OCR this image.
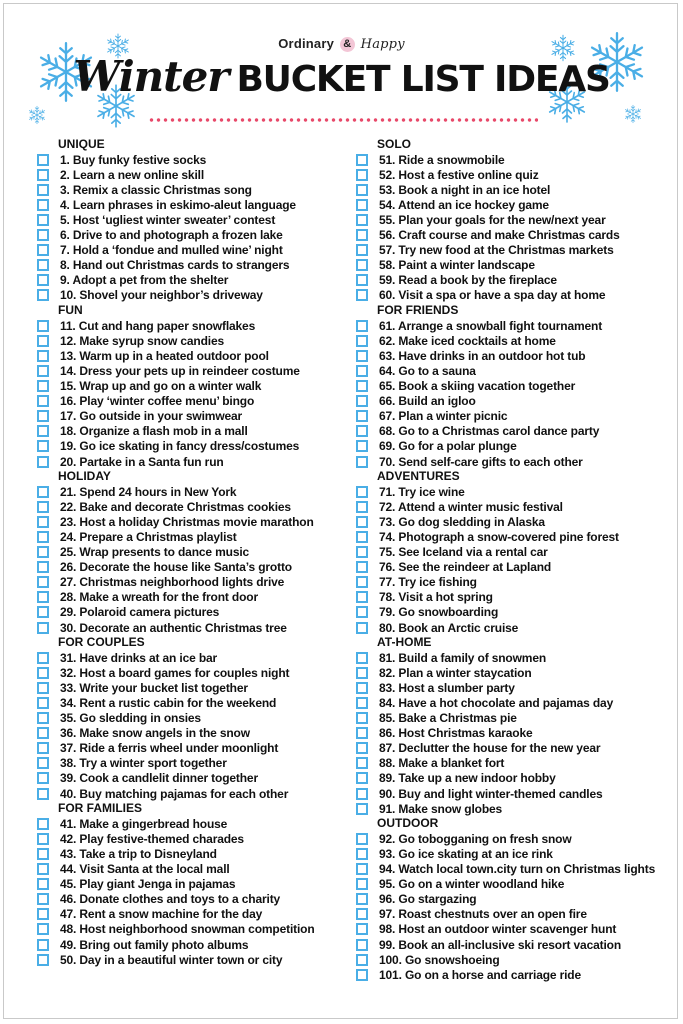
Ordinary & Happy
Winter BUCKET LIST IDEAS
UNIQUE
1. Buy funky festive socks
2. Learn a new online skill
3. Remix a classic Christmas song
4. Learn phrases in eskimo-aleut language
5. Host ‘ugliest winter sweater’ contest
6. Drive to and photograph a frozen lake
7. Hold a ‘fondue and mulled wine’ night
8. Hand out Christmas cards to strangers
9. Adopt a pet from the shelter
10. Shovel your neighbor’s driveway
FUN
11. Cut and hang paper snowflakes
12. Make syrup snow candies
13. Warm up in a heated outdoor pool
14. Dress your pets up in reindeer costume
15. Wrap up and go on a winter walk
16. Play ‘winter coffee menu’ bingo
17. Go outside in your swimwear
18. Organize a flash mob in a mall
19. Go ice skating in fancy dress/costumes
20. Partake in a Santa fun run
HOLIDAY
21. Spend 24 hours in New York
22. Bake and decorate Christmas cookies
23. Host a holiday Christmas movie marathon
24. Prepare a Christmas playlist
25. Wrap presents to dance music
26. Decorate the house like Santa’s grotto
27. Christmas neighborhood lights drive
28. Make a wreath for the front door
29. Polaroid camera pictures
30. Decorate an authentic Christmas tree
FOR COUPLES
31. Have drinks at an ice bar
32. Host a board games for couples night
33. Write your bucket list together
34. Rent a rustic cabin for the weekend
35. Go sledding in onsies
36. Make snow angels in the snow
37. Ride a ferris wheel under moonlight
38. Try a winter sport together
39. Cook a candlelit dinner together
40. Buy matching pajamas for each other
FOR FAMILIES
41. Make a gingerbread house
42. Play festive-themed charades
43. Take a trip to Disneyland
44. Visit Santa at the local mall
45. Play giant Jenga in pajamas
46. Donate clothes and toys to a charity
47. Rent a snow machine for the day
48. Host neighborhood snowman competition
49. Bring out family photo albums
50. Day in a beautiful winter town or city
SOLO
51. Ride a snowmobile
52. Host a festive online quiz
53. Book a night in an ice hotel
54. Attend an ice hockey game
55. Plan your goals for the new/next year
56. Craft course and make Christmas cards
57. Try new food at the Christmas markets
58. Paint a winter landscape
59. Read a book by the fireplace
60. Visit a spa or have a spa day at home
FOR FRIENDS
61. Arrange a snowball fight tournament
62. Make iced cocktails at home
63. Have drinks in an outdoor hot tub
64. Go to a sauna
65. Book a skiing vacation together
66. Build an igloo
67. Plan a winter picnic
68. Go to a Christmas carol dance party
69. Go for a polar plunge
70. Send self-care gifts to each other
ADVENTURES
71. Try ice wine
72. Attend a winter music festival
73. Go dog sledding in Alaska
74. Photograph a snow-covered pine forest
75. See Iceland via a rental car
76. See the reindeer at Lapland
77. Try ice fishing
78. Visit a hot spring
79. Go snowboarding
80. Book an Arctic cruise
AT-HOME
81. Build a family of snowmen
82. Plan a winter staycation
83. Host a slumber party
84. Have a hot chocolate and pajamas day
85. Bake a Christmas pie
86. Host Christmas karaoke
87. Declutter the house for the new year
88. Make a blanket fort
89. Take up a new indoor hobby
90. Buy and light winter-themed candles
91. Make snow globes
OUTDOOR
92. Go tobogganing on fresh snow
93. Go ice skating at an ice rink
94. Watch local town.city turn on Christmas lights
95. Go on a winter woodland hike
96. Go stargazing
97. Roast chestnuts over an open fire
98. Host an outdoor winter scavenger hunt
99. Book an all-inclusive ski resort vacation
100. Go snowshoeing
101. Go on a horse and carriage ride
